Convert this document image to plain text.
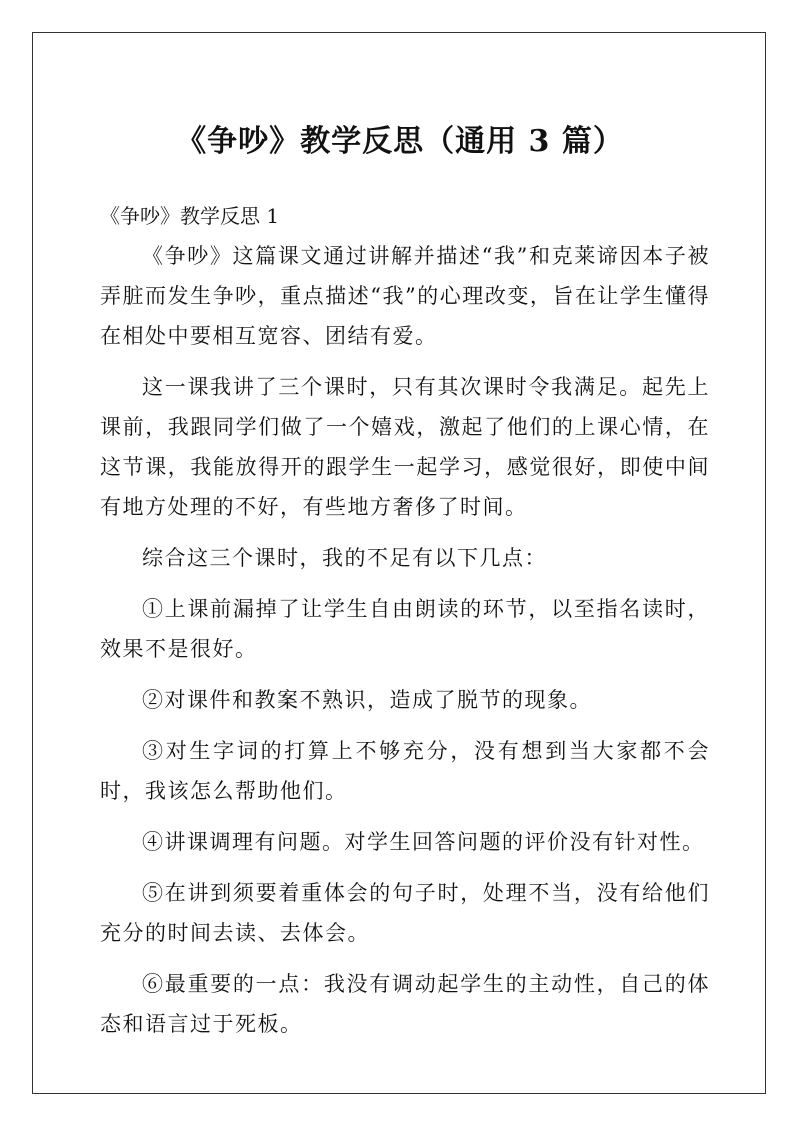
《争吵》教学反思（通用 3 篇）
《争吵》教学反思 1

《争吵》这篇课文通过讲解并描述“我”和克莱谛因本子被弄脏而发生争吵，重点描述“我”的心理改变，旨在让学生懂得在相处中要相互宽容、团结有爱。

这一课我讲了三个课时，只有其次课时令我满足。起先上课前，我跟同学们做了一个嬉戏，激起了他们的上课心情，在这节课，我能放得开的跟学生一起学习，感觉很好，即使中间有地方处理的不好，有些地方奢侈了时间。

综合这三个课时，我的不足有以下几点：

①上课前漏掉了让学生自由朗读的环节，以至指名读时，效果不是很好。

②对课件和教案不熟识，造成了脱节的现象。

③对生字词的打算上不够充分，没有想到当大家都不会时，我该怎么帮助他们。

④讲课调理有问题。对学生回答问题的评价没有针对性。

⑤在讲到须要着重体会的句子时，处理不当，没有给他们充分的时间去读、去体会。

⑥最重要的一点：我没有调动起学生的主动性，自己的体态和语言过于死板。
